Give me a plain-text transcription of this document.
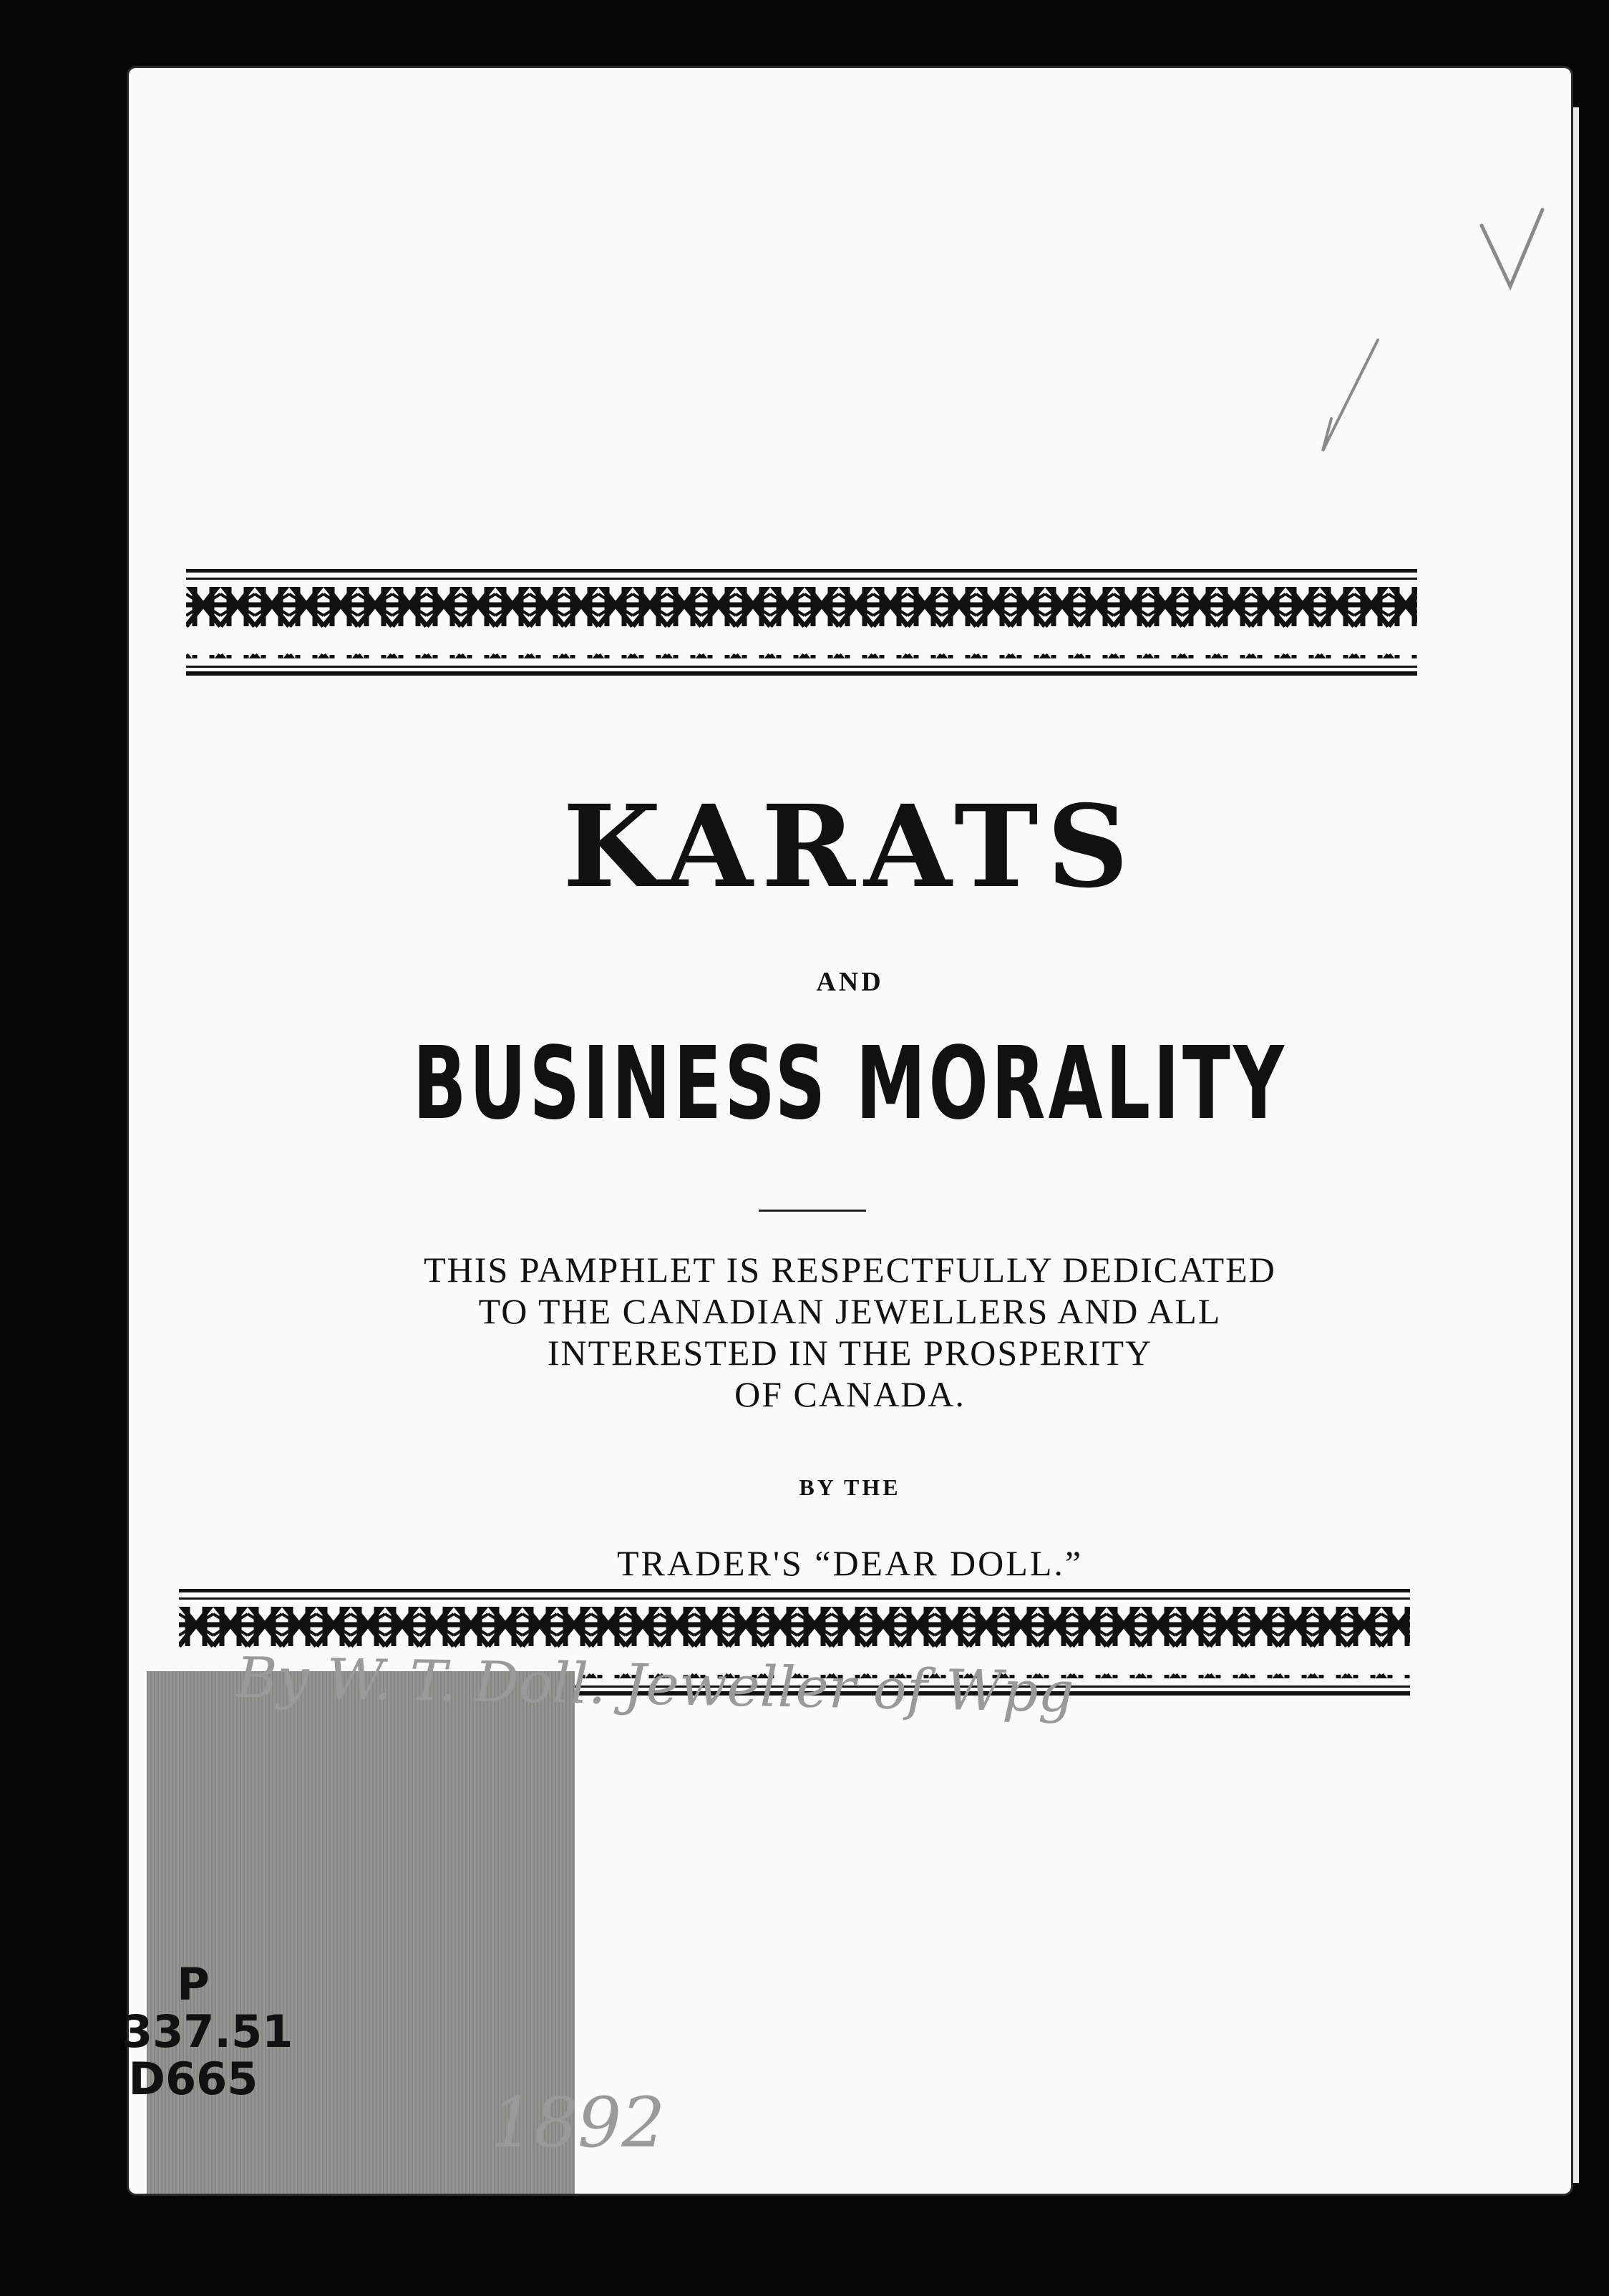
KARATS
AND
BUSINESS MORALITY
THIS PAMPHLET IS RESPECTFULLY DEDICATED
TO THE CANADIAN JEWELLERS AND ALL
INTERESTED IN THE PROSPERITY
OF CANADA.
BY THE
TRADER'S “DEAR DOLL.”
P
337.51
D665
By W. T. Doll. Jeweller of Wpg
1892
